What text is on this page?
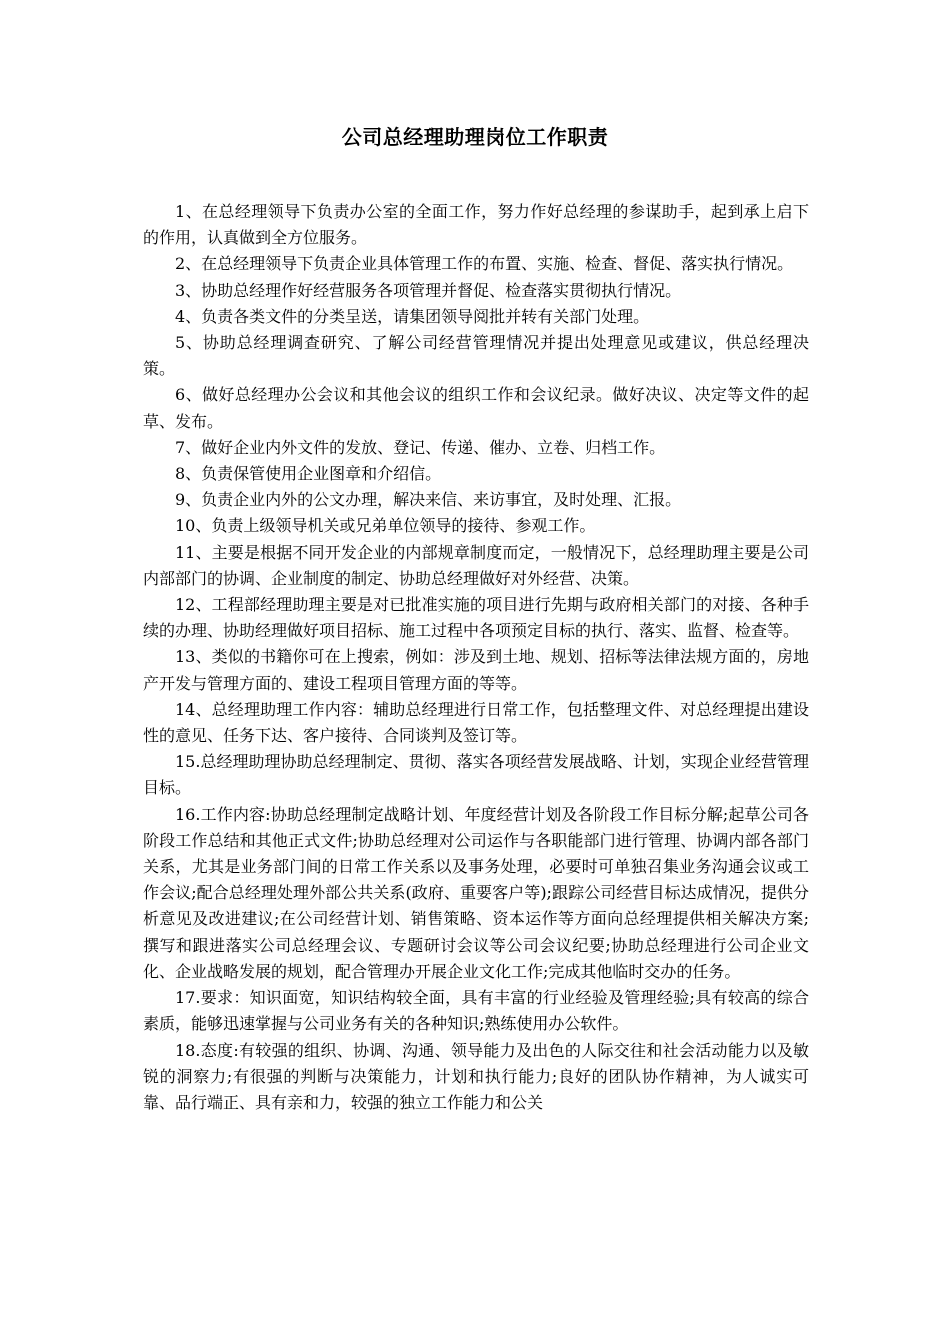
公司总经理助理岗位工作职责

1、在总经理领导下负责办公室的全面工作，努力作好总经理的参谋助手，起到承上启下的作用，认真做到全方位服务。

2、在总经理领导下负责企业具体管理工作的布置、实施、检查、督促、落实执行情况。

3、协助总经理作好经营服务各项管理并督促、检查落实贯彻执行情况。

4、负责各类文件的分类呈送，请集团领导阅批并转有关部门处理。

5、协助总经理调查研究、了解公司经营管理情况并提出处理意见或建议，供总经理决策。

6、做好总经理办公会议和其他会议的组织工作和会议纪录。做好决议、决定等文件的起草、发布。

7、做好企业内外文件的发放、登记、传递、催办、立卷、归档工作。

8、负责保管使用企业图章和介绍信。

9、负责企业内外的公文办理，解决来信、来访事宜，及时处理、汇报。

10、负责上级领导机关或兄弟单位领导的接待、参观工作。

11、主要是根据不同开发企业的内部规章制度而定，一般情况下，总经理助理主要是公司内部部门的协调、企业制度的制定、协助总经理做好对外经营、决策。

12、工程部经理助理主要是对已批准实施的项目进行先期与政府相关部门的对接、各种手续的办理、协助经理做好项目招标、施工过程中各项预定目标的执行、落实、监督、检查等。

13、类似的书籍你可在上搜索，例如：涉及到土地、规划、招标等法律法规方面的，房地产开发与管理方面的、建设工程项目管理方面的等等。

14、总经理助理工作内容：辅助总经理进行日常工作，包括整理文件、对总经理提出建设性的意见、任务下达、客户接待、合同谈判及签订等。

15.总经理助理协助总经理制定、贯彻、落实各项经营发展战略、计划，实现企业经营管理目标。

16.工作内容:协助总经理制定战略计划、年度经营计划及各阶段工作目标分解;起草公司各阶段工作总结和其他正式文件;协助总经理对公司运作与各职能部门进行管理、协调内部各部门关系，尤其是业务部门间的日常工作关系以及事务处理，必要时可单独召集业务沟通会议或工作会议;配合总经理处理外部公共关系(政府、重要客户等);跟踪公司经营目标达成情况，提供分析意见及改进建议;在公司经营计划、销售策略、资本运作等方面向总经理提供相关解决方案;撰写和跟进落实公司总经理会议、专题研讨会议等公司会议纪要;协助总经理进行公司企业文化、企业战略发展的规划，配合管理办开展企业文化工作;完成其他临时交办的任务。

17.要求：知识面宽，知识结构较全面，具有丰富的行业经验及管理经验;具有较高的综合素质，能够迅速掌握与公司业务有关的各种知识;熟练使用办公软件。

18.态度:有较强的组织、协调、沟通、领导能力及出色的人际交往和社会活动能力以及敏锐的洞察力;有很强的判断与决策能力，计划和执行能力;良好的团队协作精神，为人诚实可靠、品行端正、具有亲和力，较强的独立工作能力和公关
